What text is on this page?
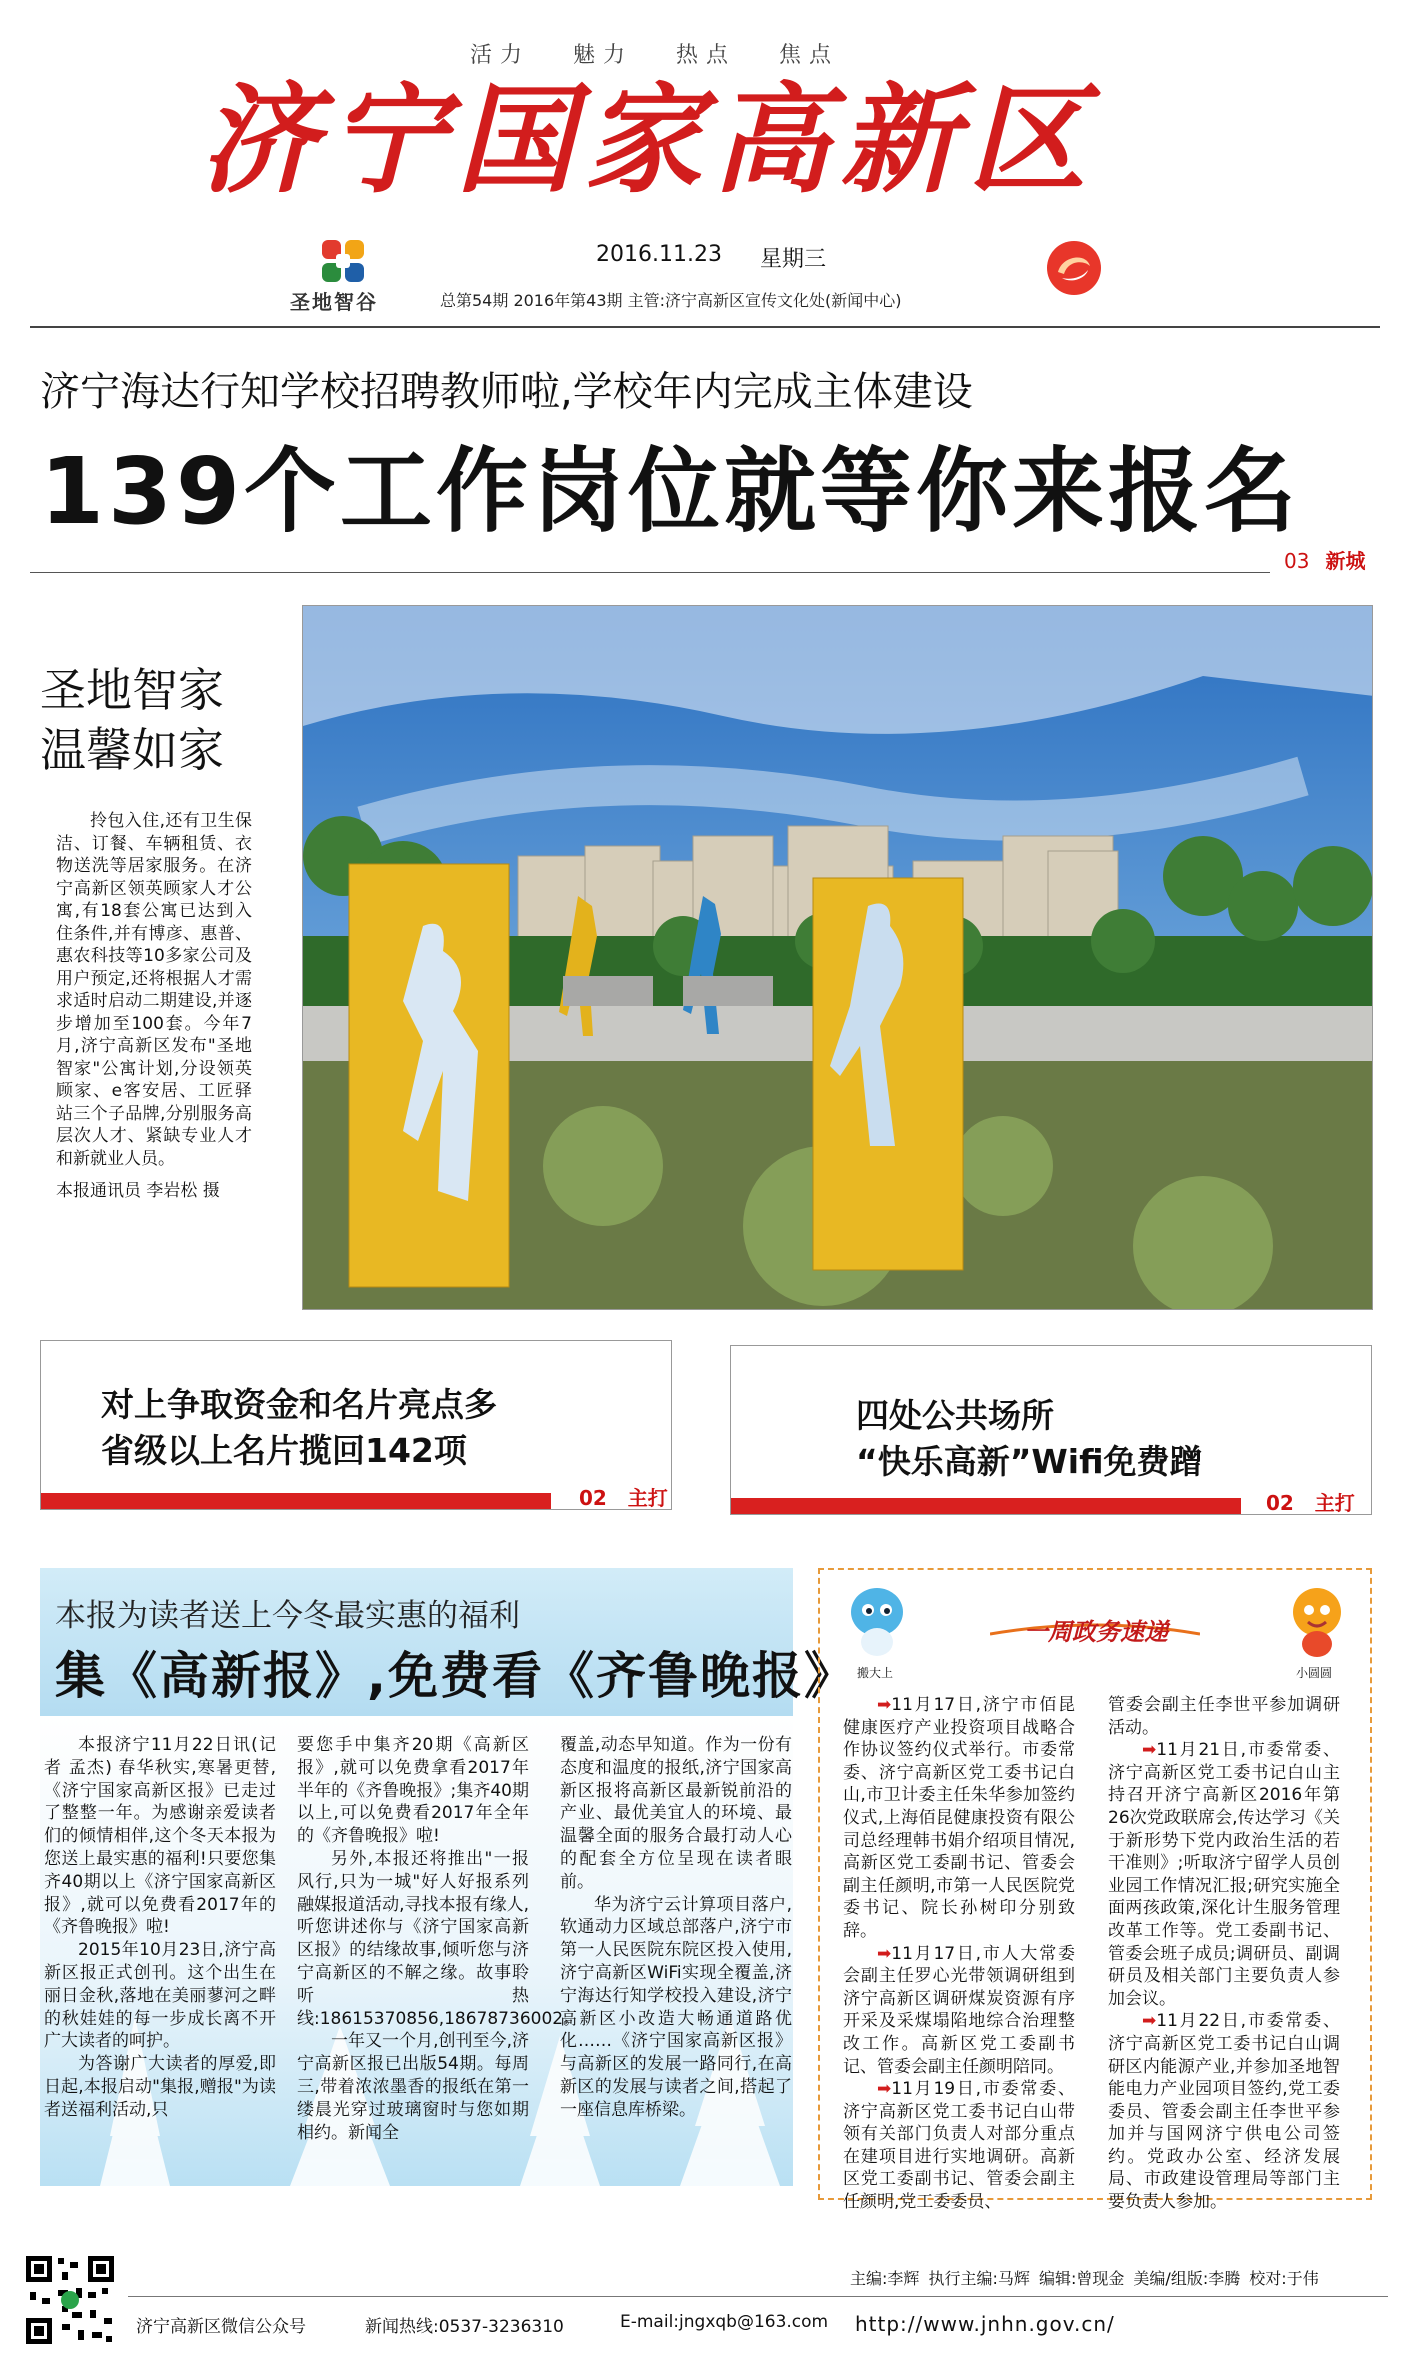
活力 魅力 热点 焦点
济宁国家高新区
圣地智谷
2016.11.23 星期三
总第54期 2016年第43期 主管:济宁高新区宣传文化处(新闻中心)
济宁海达行知学校招聘教师啦,学校年内完成主体建设
139个工作岗位就等你来报名
03 新城
圣地智家
温馨如家
拎包入住,还有卫生保洁、订餐、车辆租赁、衣物送洗等居家服务。在济宁高新区领英顾家人才公寓,有18套公寓已达到入住条件,并有博彦、惠普、惠农科技等10多家公司及用户预定,还将根据人才需求适时启动二期建设,并逐步增加至100套。今年7月,济宁高新区发布"圣地智家"公寓计划,分设领英顾家、e客安居、工匠驿站三个子品牌,分别服务高层次人才、紧缺专业人才和新就业人员。
本报通讯员 李岩松 摄
对上争取资金和名片亮点多
省级以上名片揽回142项
02 主打
四处公共场所
“快乐高新”Wifi免费蹭
02 主打
本报为读者送上今冬最实惠的福利
集《高新报》,免费看《齐鲁晚报》

本报济宁11月22日讯(记者 孟杰) 春华秋实,寒暑更替,《济宁国家高新区报》已走过了整整一年。为感谢亲爱读者们的倾情相伴,这个冬天本报为您送上最实惠的福利!只要您集齐40期以上《济宁国家高新区报》,就可以免费看2017年的《齐鲁晚报》啦!

2015年10月23日,济宁高新区报正式创刊。这个出生在丽日金秋,落地在美丽蓼河之畔的秋娃娃的每一步成长离不开广大读者的呵护。

为答谢广大读者的厚爱,即日起,本报启动"集报,赠报"为读者送福利活动,只

要您手中集齐20期《高新区报》,就可以免费拿看2017年半年的《齐鲁晚报》;集齐40期以上,可以免费看2017年全年的《齐鲁晚报》啦!

另外,本报还将推出"一报风行,只为一城"好人好报系列融媒报道活动,寻找本报有缘人,听您讲述你与《济宁国家高新区报》的结缘故事,倾听您与济宁高新区的不解之缘。故事聆听热线:18615370856,18678736002。

一年又一个月,创刊至今,济宁高新区报已出版54期。每周三,带着浓浓墨香的报纸在第一缕晨光穿过玻璃窗时与您如期相约。新闻全

覆盖,动态早知道。作为一份有态度和温度的报纸,济宁国家高新区报将高新区最新锐前沿的产业、最优美宜人的环境、最温馨全面的服务合最打动人心的配套全方位呈现在读者眼前。

华为济宁云计算项目落户,软通动力区域总部落户,济宁市第一人民医院东院区投入使用,济宁高新区WiFi实现全覆盖,济宁海达行知学校投入建设,济宁高新区小改造大畅通道路优化……《济宁国家高新区报》与高新区的发展一路同行,在高新区的发展与读者之间,搭起了一座信息库桥梁。

搬大上
一周政务速递
小圆圆

➡11月17日,济宁市佰昆健康医疗产业投资项目战略合作协议签约仪式举行。市委常委、济宁高新区党工委书记白山,市卫计委主任朱华参加签约仪式,上海佰昆健康投资有限公司总经理韩书娟介绍项目情况,高新区党工委副书记、管委会副主任颜明,市第一人民医院党委书记、院长孙树印分别致辞。

➡11月17日,市人大常委会副主任罗心光带领调研组到济宁高新区调研煤炭资源有序开采及采煤塌陷地综合治理整改工作。高新区党工委副书记、管委会副主任颜明陪同。

➡11月19日,市委常委、济宁高新区党工委书记白山带领有关部门负责人对部分重点在建项目进行实地调研。高新区党工委副书记、管委会副主任颜明,党工委委员、

管委会副主任李世平参加调研活动。

➡11月21日,市委常委、济宁高新区党工委书记白山主持召开济宁高新区2016年第26次党政联席会,传达学习《关于新形势下党内政治生活的若干准则》;听取济宁留学人员创业园工作情况汇报;研究实施全面两孩政策,深化计生服务管理改革工作等。党工委副书记、管委会班子成员;调研员、副调研员及相关部门主要负责人参加会议。

➡11月22日,市委常委、济宁高新区党工委书记白山调研区内能源产业,并参加圣地智能电力产业园项目签约,党工委委员、管委会副主任李世平参加并与国网济宁供电公司签约。党政办公室、经济发展局、市政建设管理局等部门主要负责人参加。

主编:李辉 执行主编:马辉 编辑:曾现金 美编/组版:李腾 校对:于伟
济宁高新区微信公众号	新闻热线:0537-3236310	E-mail:jngxqb@163.com http://www.jnhn.gov.cn/
